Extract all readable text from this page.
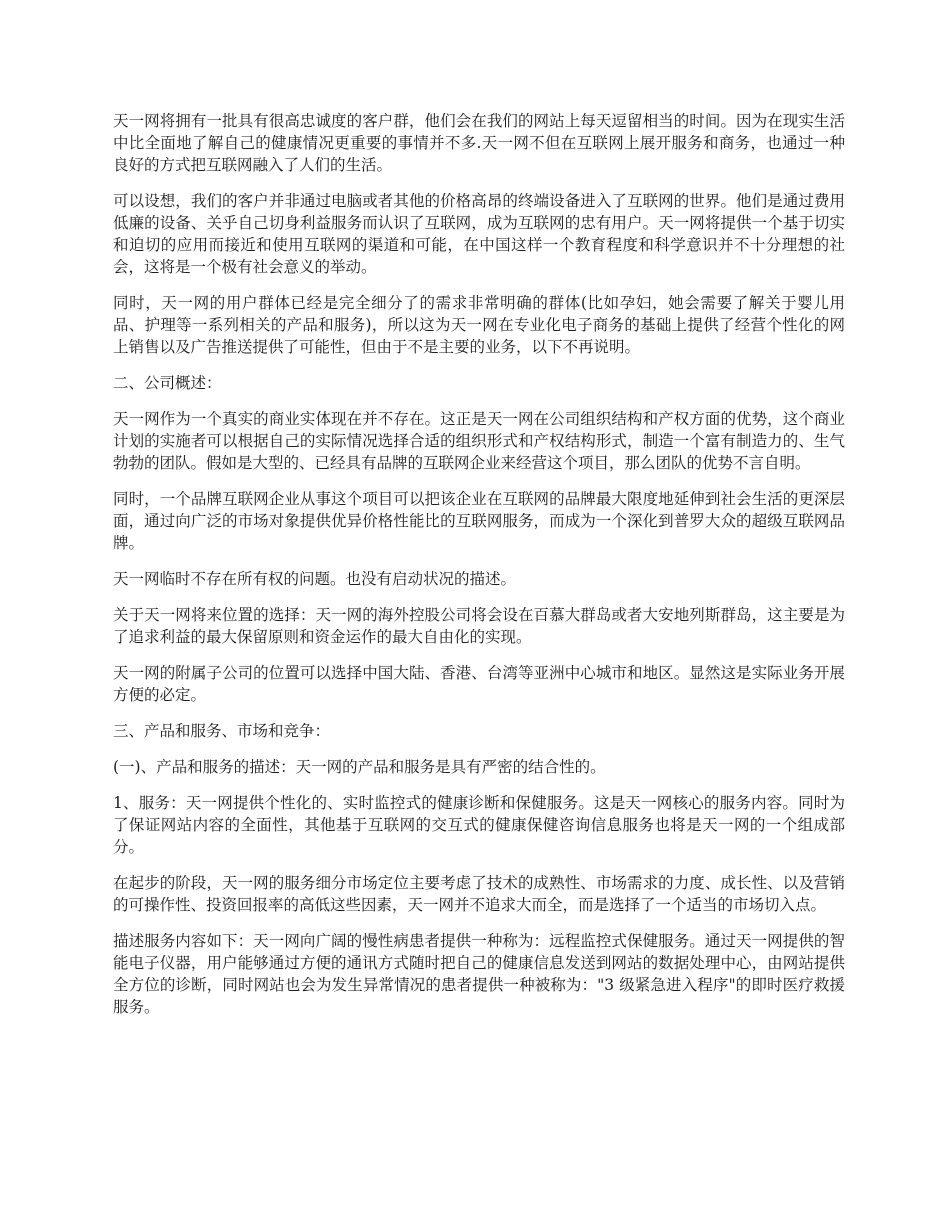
天一网将拥有一批具有很高忠诚度的客户群，他们会在我们的网站上每天逗留相当的时间。因为在现实生活中比全面地了解自己的健康情况更重要的事情并不多.天一网不但在互联网上展开服务和商务，也通过一种良好的方式把互联网融入了人们的生活。

可以设想，我们的客户并非通过电脑或者其他的价格高昂的终端设备进入了互联网的世界。他们是通过费用低廉的设备、关乎自己切身利益服务而认识了互联网，成为互联网的忠有用户。天一网将提供一个基于切实和迫切的应用而接近和使用互联网的渠道和可能，在中国这样一个教育程度和科学意识并不十分理想的社会，这将是一个极有社会意义的举动。

同时，天一网的用户群体已经是完全细分了的需求非常明确的群体(比如孕妇，她会需要了解关于婴儿用品、护理等一系列相关的产品和服务)，所以这为天一网在专业化电子商务的基础上提供了经营个性化的网上销售以及广告推送提供了可能性，但由于不是主要的业务，以下不再说明。

二、公司概述：

天一网作为一个真实的商业实体现在并不存在。这正是天一网在公司组织结构和产权方面的优势，这个商业计划的实施者可以根据自己的实际情况选择合适的组织形式和产权结构形式，制造一个富有制造力的、生气勃勃的团队。假如是大型的、已经具有品牌的互联网企业来经营这个项目，那么团队的优势不言自明。

同时，一个品牌互联网企业从事这个项目可以把该企业在互联网的品牌最大限度地延伸到社会生活的更深层面，通过向广泛的市场对象提供优异价格性能比的互联网服务，而成为一个深化到普罗大众的超级互联网品牌。

天一网临时不存在所有权的问题。也没有启动状况的描述。

关于天一网将来位置的选择：天一网的海外控股公司将会设在百慕大群岛或者大安地列斯群岛，这主要是为了追求利益的最大保留原则和资金运作的最大自由化的实现。

天一网的附属子公司的位置可以选择中国大陆、香港、台湾等亚洲中心城市和地区。显然这是实际业务开展方便的必定。

三、产品和服务、市场和竞争：

(一)、产品和服务的描述：天一网的产品和服务是具有严密的结合性的。

1、服务：天一网提供个性化的、实时监控式的健康诊断和保健服务。这是天一网核心的服务内容。同时为了保证网站内容的全面性，其他基于互联网的交互式的健康保健咨询信息服务也将是天一网的一个组成部分。

在起步的阶段，天一网的服务细分市场定位主要考虑了技术的成熟性、市场需求的力度、成长性、以及营销的可操作性、投资回报率的高低这些因素，天一网并不追求大而全，而是选择了一个适当的市场切入点。

描述服务内容如下：天一网向广阔的慢性病患者提供一种称为：远程监控式保健服务。通过天一网提供的智能电子仪器，用户能够通过方便的通讯方式随时把自己的健康信息发送到网站的数据处理中心，由网站提供全方位的诊断，同时网站也会为发生异常情况的患者提供一种被称为："3 级紧急进入程序"的即时医疗救援服务。
